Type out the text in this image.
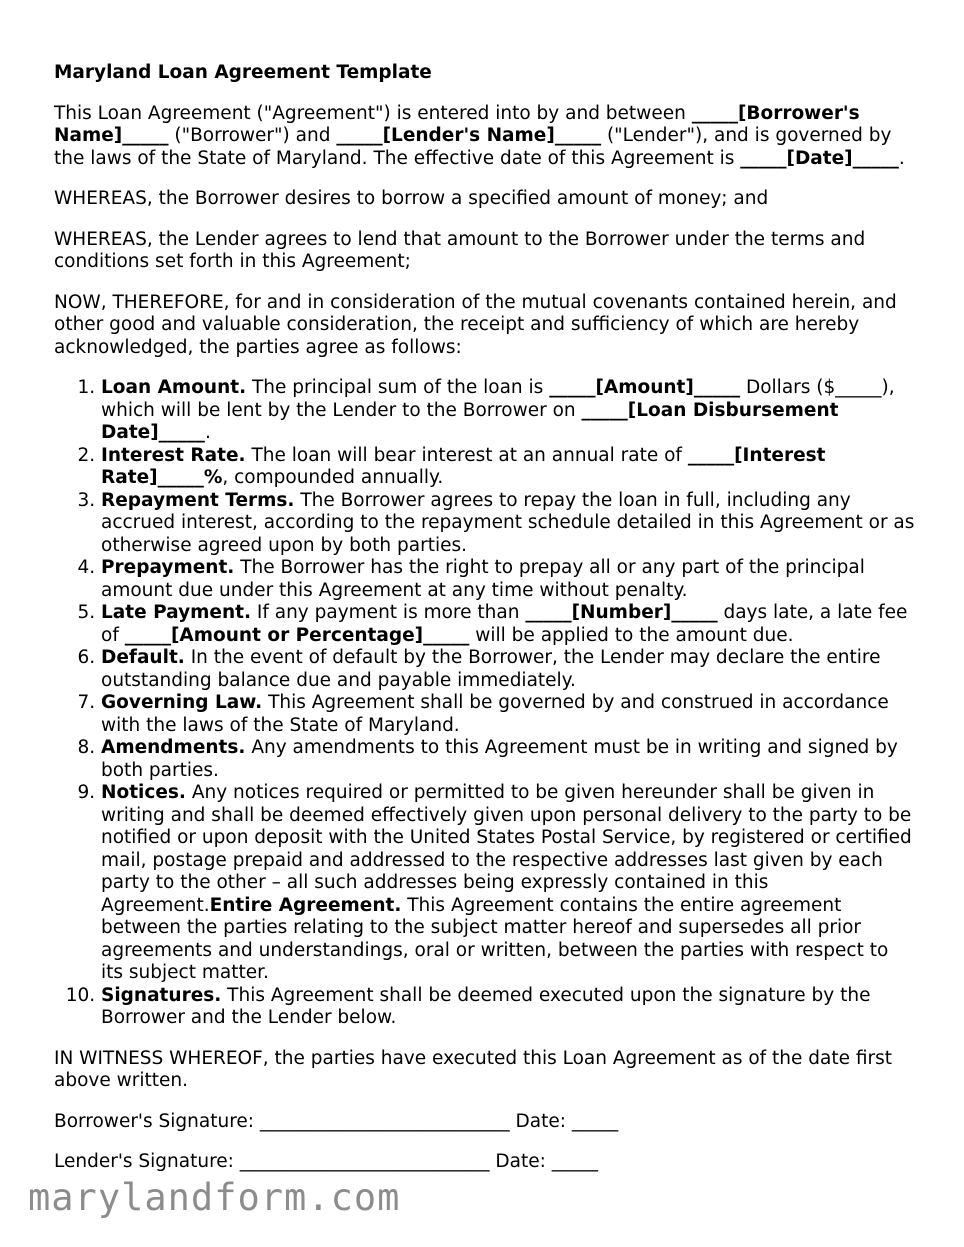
Maryland Loan Agreement Template

This Loan Agreement ("Agreement") is entered into by and between _____[Borrower's Name]_____ ("Borrower") and _____[Lender's Name]_____ ("Lender"), and is governed by the laws of the State of Maryland. The effective date of this Agreement is _____[Date]_____.

WHEREAS, the Borrower desires to borrow a specified amount of money; and

WHEREAS, the Lender agrees to lend that amount to the Borrower under the terms and conditions set forth in this Agreement;

NOW, THEREFORE, for and in consideration of the mutual covenants contained herein, and other good and valuable consideration, the receipt and sufficiency of which are hereby acknowledged, the parties agree as follows:

1. Loan Amount. The principal sum of the loan is _____[Amount]_____ Dollars ($_____), which will be lent by the Lender to the Borrower on _____[Loan Disbursement Date]_____.
2. Interest Rate. The loan will bear interest at an annual rate of _____[Interest Rate]_____%, compounded annually.
3. Repayment Terms. The Borrower agrees to repay the loan in full, including any accrued interest, according to the repayment schedule detailed in this Agreement or as otherwise agreed upon by both parties.
4. Prepayment. The Borrower has the right to prepay all or any part of the principal amount due under this Agreement at any time without penalty.
5. Late Payment. If any payment is more than _____[Number]_____ days late, a late fee of _____[Amount or Percentage]_____ will be applied to the amount due.
6. Default. In the event of default by the Borrower, the Lender may declare the entire outstanding balance due and payable immediately.
7. Governing Law. This Agreement shall be governed by and construed in accordance with the laws of the State of Maryland.
8. Amendments. Any amendments to this Agreement must be in writing and signed by both parties.
9. Notices. Any notices required or permitted to be given hereunder shall be given in writing and shall be deemed effectively given upon personal delivery to the party to be notified or upon deposit with the United States Postal Service, by registered or certified mail, postage prepaid and addressed to the respective addresses last given by each party to the other – all such addresses being expressly contained in this Agreement.Entire Agreement. This Agreement contains the entire agreement between the parties relating to the subject matter hereof and supersedes all prior agreements and understandings, oral or written, between the parties with respect to its subject matter.
10. Signatures. This Agreement shall be deemed executed upon the signature by the Borrower and the Lender below.

IN WITNESS WHEREOF, the parties have executed this Loan Agreement as of the date first above written.

Borrower's Signature: ___________________________ Date: _____
Lender's Signature: ___________________________ Date: _____
marylandform.com
